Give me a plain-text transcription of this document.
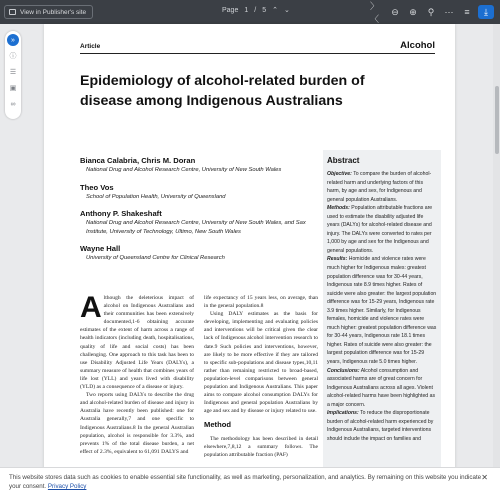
View in Publisher's site	Page 1 / 5 ⌃ ⌄	〉〈
⊖	⊕	⚲	⋯	≡	⤓
»
ⓘ
☰
▣
∞
Article	Alcohol
Epidemiology of alcohol-related burden of disease among Indigenous Australians
Bianca Calabria, Chris M. Doran
National Drug and Alcohol Research Centre, University of New South Wales
Theo Vos
School of Population Health, University of Queensland
Anthony P. Shakeshaft
National Drug and Alcohol Research Centre, University of New South Wales, and Sax Institute, University of Technology, Ultimo, New South Wales
Wayne Hall
University of Queensland Centre for Clinical Research
Abstract
Objective: To compare the burden of alcohol-related harm and underlying factors of this harm, by age and sex, for Indigenous and general population Australians.
Methods: Population attributable fractions are used to estimate the disability adjusted life years (DALYs) for alcohol-related disease and injury. The DALYs were converted to rates per 1,000 by age and sex for the Indigenous and general populations.
Results: Homicide and violence rates were much higher for Indigenous males: greatest population difference was for 30-44 years, Indigenous rate 8.9 times higher. Rates of suicide were also greater: the largest population difference was for 15-29 years, Indigenous rate 3.9 times higher. Similarly, for Indigenous females, homicide and violence rates were much higher: greatest population difference was for 30-44 years, Indigenous rate 18.1 times higher. Rates of suicide were also greater: the largest population difference was for 15-29 years, Indigenous rate 5.0 times higher.
Conclusions: Alcohol consumption and associated harms are of great concern for Indigenous Australians across all ages. Violent alcohol-related harms have been highlighted as a major concern.
Implications: To reduce the disproportionate burden of alcohol-related harm experienced by Indigenous Australians, targeted interventions should include the impact on families and
A lthough the deleterious impact of alcohol on Indigenous Australians and their communities has been extensively documented,1-6 obtaining accurate estimates of the extent of harm across a range of health indicators (including death, hospitalisations, quality of life and social costs) has been challenging. One approach to this task has been to use Disability Adjusted Life Years (DALYs), a summary measure of health that combines years of life lost (YLL) and years lived with disability (YLD) as a consequence of a disease or injury.

Two reports using DALYs to describe the drug and alcohol-related burden of disease and injury in Australia have recently been published: one for Australia generally,7 and one specific to Indigenous Australians.8 In the general Australian population, alcohol is responsible for 3.3%, and prevents 1% of the total disease burden, a net effect of 2.3%, equivalent to 61,091 DALYS and

life expectancy of 15 years less, on average, than in the general population.8

Using DALY estimates as the basis for developing, implementing and evaluating policies and interventions will be critical given the clear lack of Indigenous alcohol intervention research to date.9 Such policies and interventions, however, are likely to be more effective if they are tailored to specific sub-populations and disease types,10,11 rather than remaining restricted to broad-based, population-level comparisons between general population and Indigenous Australians. This paper aims to compare alcohol consumption DALYs for Indigenous and general population Australians by age and sex and by disease or injury related to use.

Method

The methodology has been described in detail elsewhere,7,8,12 a summary follows. The population attributable fraction (PAF)

This website stores data such as cookies to enable essential site functionality, as well as marketing, personalization, and analytics. By remaining on this website you indicate your consent. Privacy Policy
✕
